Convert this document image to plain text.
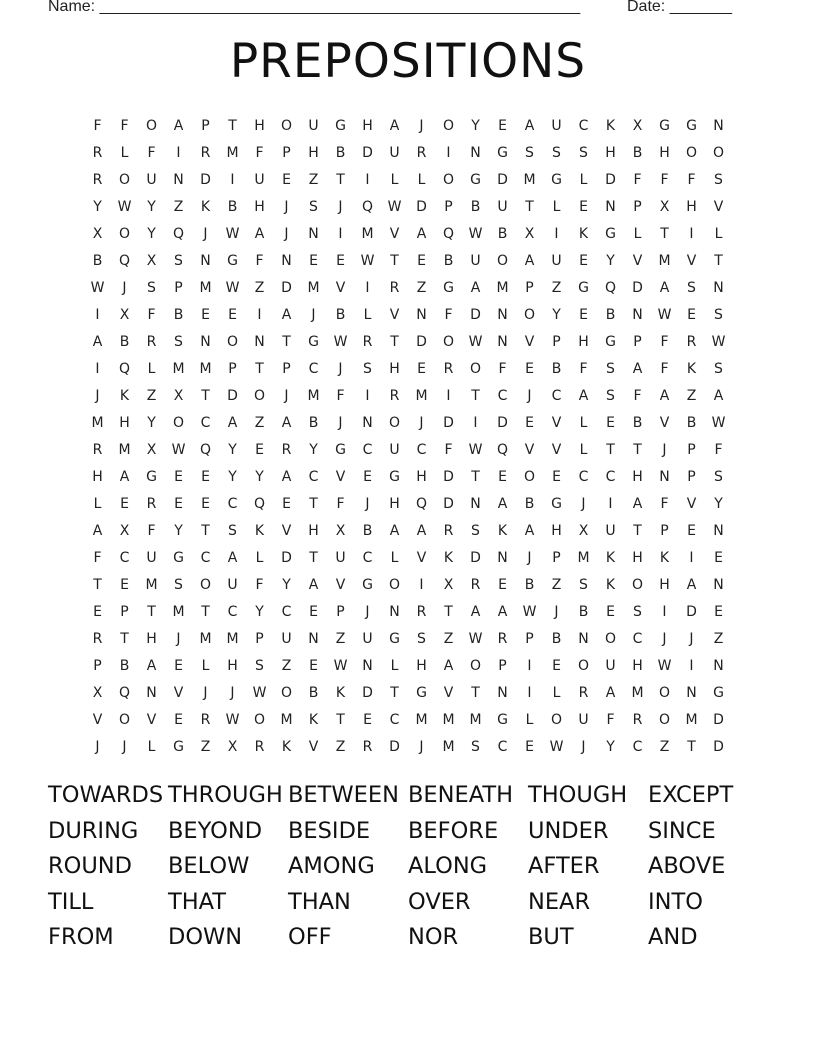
Name: ______________________________________________________	Date: _______
PREPOSITIONS
F	F	O	A	P	T	H	O	U	G	H	A	J	O	Y	E	A	U	C	K	X	G	G	N
R	L	F	I	R	M	F	P	H	B	D	U	R	I	N	G	S	S	S	H	B	H	O	O
R	O	U	N	D	I	U	E	Z	T	I	L	L	O	G	D	M	G	L	D	F	F	F	S
Y	W	Y	Z	K	B	H	J	S	J	Q	W	D	P	B	U	T	L	E	N	P	X	H	V
X	O	Y	Q	J	W	A	J	N	I	M	V	A	Q	W	B	X	I	K	G	L	T	I	L
B	Q	X	S	N	G	F	N	E	E	W	T	E	B	U	O	A	U	E	Y	V	M	V	T
W	J	S	P	M	W	Z	D	M	V	I	R	Z	G	A	M	P	Z	G	Q	D	A	S	N
I	X	F	B	E	E	I	A	J	B	L	V	N	F	D	N	O	Y	E	B	N	W	E	S
A	B	R	S	N	O	N	T	G	W	R	T	D	O	W	N	V	P	H	G	P	F	R	W
I	Q	L	M	M	P	T	P	C	J	S	H	E	R	O	F	E	B	F	S	A	F	K	S
J	K	Z	X	T	D	O	J	M	F	I	R	M	I	T	C	J	C	A	S	F	A	Z	A
M	H	Y	O	C	A	Z	A	B	J	N	O	J	D	I	D	E	V	L	E	B	V	B	W
R	M	X	W	Q	Y	E	R	Y	G	C	U	C	F	W	Q	V	V	L	T	T	J	P	F
H	A	G	E	E	Y	Y	A	C	V	E	G	H	D	T	E	O	E	C	C	H	N	P	S
L	E	R	E	E	C	Q	E	T	F	J	H	Q	D	N	A	B	G	J	I	A	F	V	Y
A	X	F	Y	T	S	K	V	H	X	B	A	A	R	S	K	A	H	X	U	T	P	E	N
F	C	U	G	C	A	L	D	T	U	C	L	V	K	D	N	J	P	M	K	H	K	I	E
T	E	M	S	O	U	F	Y	A	V	G	O	I	X	R	E	B	Z	S	K	O	H	A	N
E	P	T	M	T	C	Y	C	E	P	J	N	R	T	A	A	W	J	B	E	S	I	D	E
R	T	H	J	M	M	P	U	N	Z	U	G	S	Z	W	R	P	B	N	O	C	J	J	Z
P	B	A	E	L	H	S	Z	E	W	N	L	H	A	O	P	I	E	O	U	H	W	I	N
X	Q	N	V	J	J	W	O	B	K	D	T	G	V	T	N	I	L	R	A	M	O	N	G
V	O	V	E	R	W	O	M	K	T	E	C	M	M	M	G	L	O	U	F	R	O	M	D
J	J	L	G	Z	X	R	K	V	Z	R	D	J	M	S	C	E	W	J	Y	C	Z	T	D
TOWARDS THROUGH BETWEEN BENEATH THOUGH EXCEPT
DURING	BEYOND	BESIDE	BEFORE	UNDER	SINCE
ROUND	BELOW	AMONG	ALONG	AFTER	ABOVE
TILL	THAT	THAN	OVER	NEAR	INTO
FROM	DOWN	OFF	NOR	BUT	AND
